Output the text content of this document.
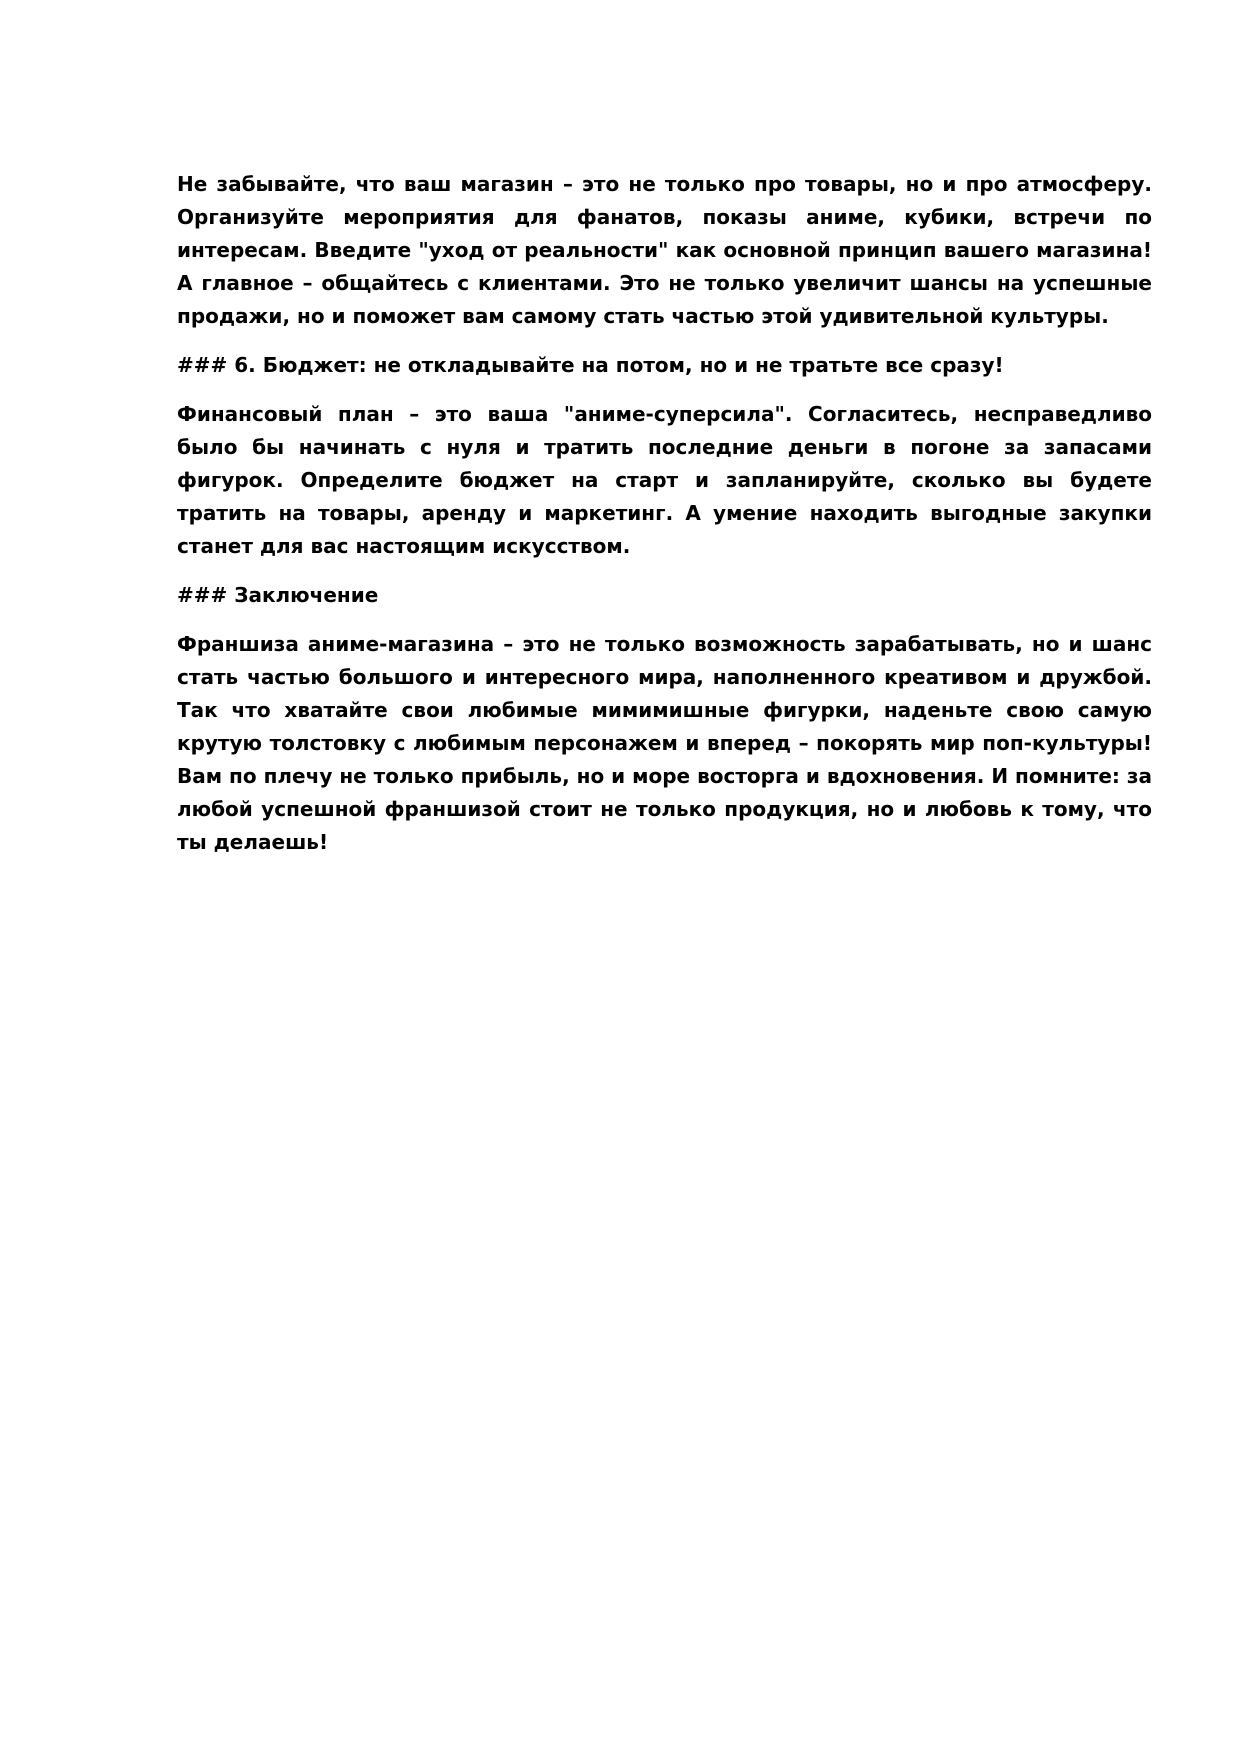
Не забывайте, что ваш магазин – это не только про товары, но и про атмосферу. Организуйте мероприятия для фанатов, показы аниме, кубики, встречи по интересам. Введите "уход от реальности" как основной принцип вашего магазина! А главное – общайтесь с клиентами. Это не только увеличит шансы на успешные продажи, но и поможет вам самому стать частью этой удивительной культуры.

### 6. Бюджет: не откладывайте на потом, но и не тратьте все сразу!

Финансовый план – это ваша "аниме-суперсила". Согласитесь, несправедливо было бы начинать с нуля и тратить последние деньги в погоне за запасами фигурок. Определите бюджет на старт и запланируйте, сколько вы будете тратить на товары, аренду и маркетинг. А умение находить выгодные закупки станет для вас настоящим искусством.

### Заключение

Франшиза аниме-магазина – это не только возможность зарабатывать, но и шанс стать частью большого и интересного мира, наполненного креативом и дружбой. Так что хватайте свои любимые мимимишные фигурки, наденьте свою самую крутую толстовку с любимым персонажем и вперед – покорять мир поп-культуры! Вам по плечу не только прибыль, но и море восторга и вдохновения. И помните: за любой успешной франшизой стоит не только продукция, но и любовь к тому, что ты делаешь!
